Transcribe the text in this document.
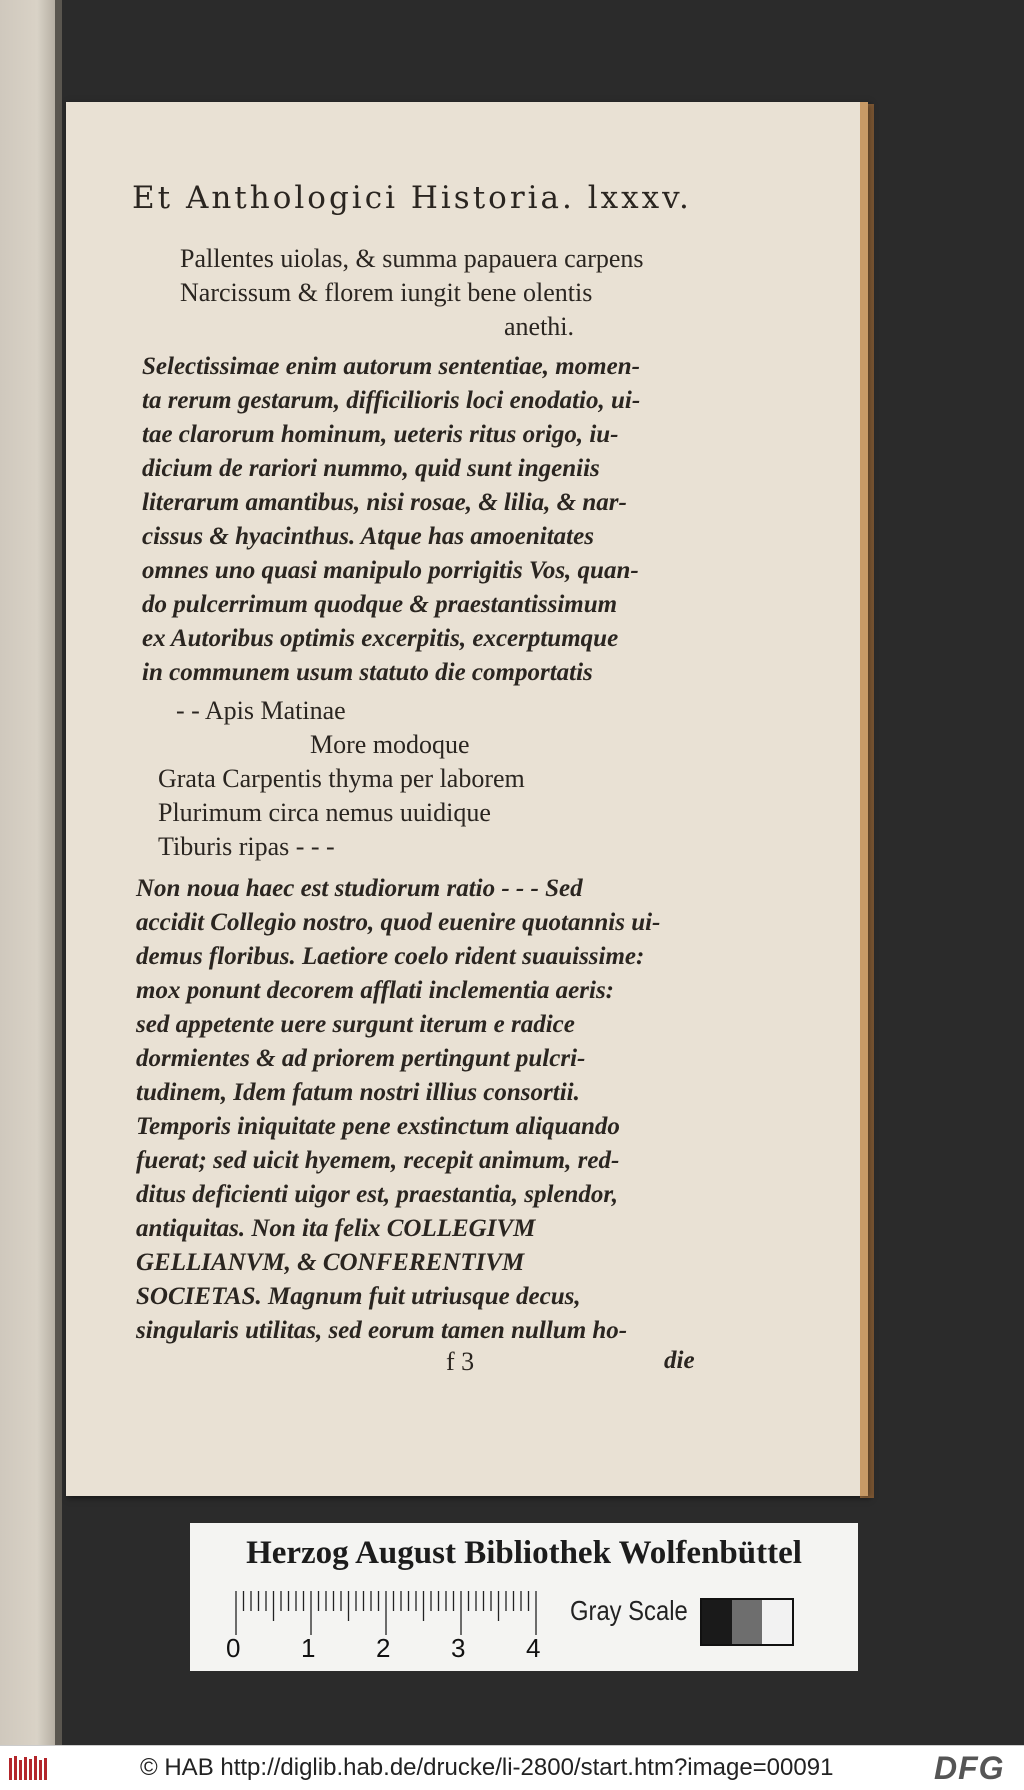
Et Anthologici Historia. lxxxv.
Pallentes uiolas, & summa papauera carpens
Narcissum & florem iungit bene olentis
anethi.
Selectissimae enim autorum sententiae, momen-
ta rerum gestarum, difficilioris loci enodatio, ui-
tae clarorum hominum, ueteris ritus origo, iu-
dicium de rariori nummo, quid sunt ingeniis
literarum amantibus, nisi rosae, & lilia, & nar-
cissus & hyacinthus. Atque has amoenitates
omnes uno quasi manipulo porrigitis Vos, quan-
do pulcerrimum quodque & praestantissimum
ex Autoribus optimis excerpitis, excerptumque
in communem usum statuto die comportatis
- - Apis Matinae
More modoque
Grata Carpentis thyma per laborem
Plurimum circa nemus uuidique
Tiburis ripas - - -
Non noua haec est studiorum ratio - - - Sed
accidit Collegio nostro, quod euenire quotannis ui-
demus floribus. Laetiore coelo rident suauissime:
mox ponunt decorem afflati inclementia aeris:
sed appetente uere surgunt iterum e radice
dormientes & ad priorem pertingunt pulcri-
tudinem, Idem fatum nostri illius consortii.
Temporis iniquitate pene exstinctum aliquando
fuerat; sed uicit hyemem, recepit animum, red-
ditus deficienti uigor est, praestantia, splendor,
antiquitas. Non ita felix COLLEGIVM
GELLIANVM, & CONFERENTIVM
SOCIETAS. Magnum fuit utriusque decus,
singularis utilitas, sed eorum tamen nullum ho-
f 3	die
Herzog August Bibliothek Wolfenbüttel
0 1 2 3 4
Gray Scale
© HAB http://diglib.hab.de/drucke/li-2800/start.htm?image=00091	DFG
